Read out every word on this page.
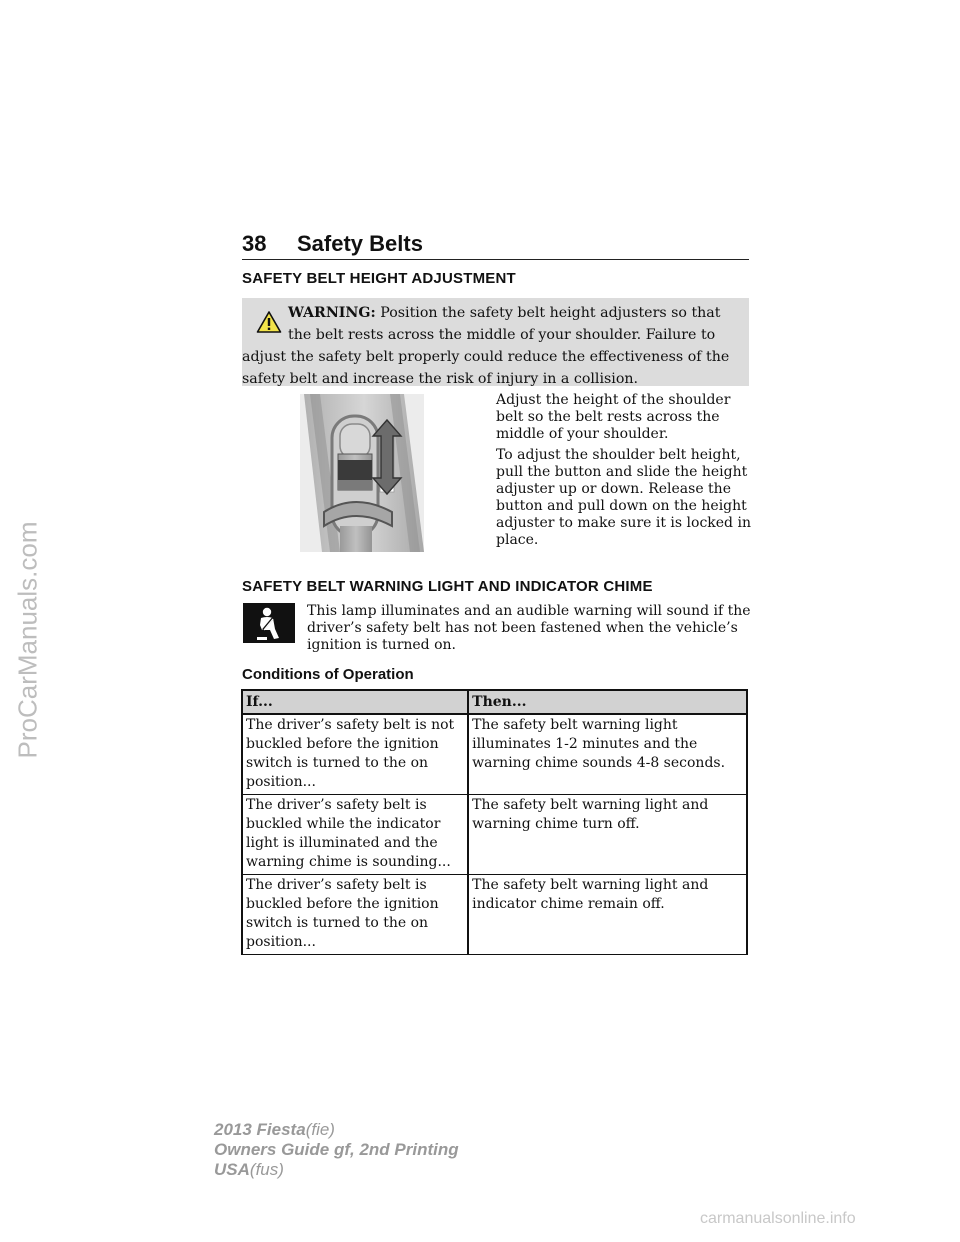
38 Safety Belts
SAFETY BELT HEIGHT ADJUSTMENT
WARNING: Position the safety belt height adjusters so that the belt rests across the middle of your shoulder. Failure to adjust the safety belt properly could reduce the effectiveness of the safety belt and increase the risk of injury in a collision.
Adjust the height of the shoulder belt so the belt rests across the middle of your shoulder.
To adjust the shoulder belt height, pull the button and slide the height adjuster up or down. Release the button and pull down on the height adjuster to make sure it is locked in place.
SAFETY BELT WARNING LIGHT AND INDICATOR CHIME
This lamp illuminates and an audible warning will sound if the driver’s safety belt has not been fastened when the vehicle’s ignition is turned on.
Conditions of Operation
If...	Then...
The driver’s safety belt is not buckled before the ignition switch is turned to the on position...	The safety belt warning light illuminates 1-2 minutes and the warning chime sounds 4-8 seconds.
The driver’s safety belt is buckled while the indicator light is illuminated and the warning chime is sounding...	The safety belt warning light and warning chime turn off.
The driver’s safety belt is buckled before the ignition switch is turned to the on position...	The safety belt warning light and indicator chime remain off.
2013 Fiesta(fie)
Owners Guide gf, 2nd Printing
USA(fus)
ProCarManuals.com
carmanualsonline.info
